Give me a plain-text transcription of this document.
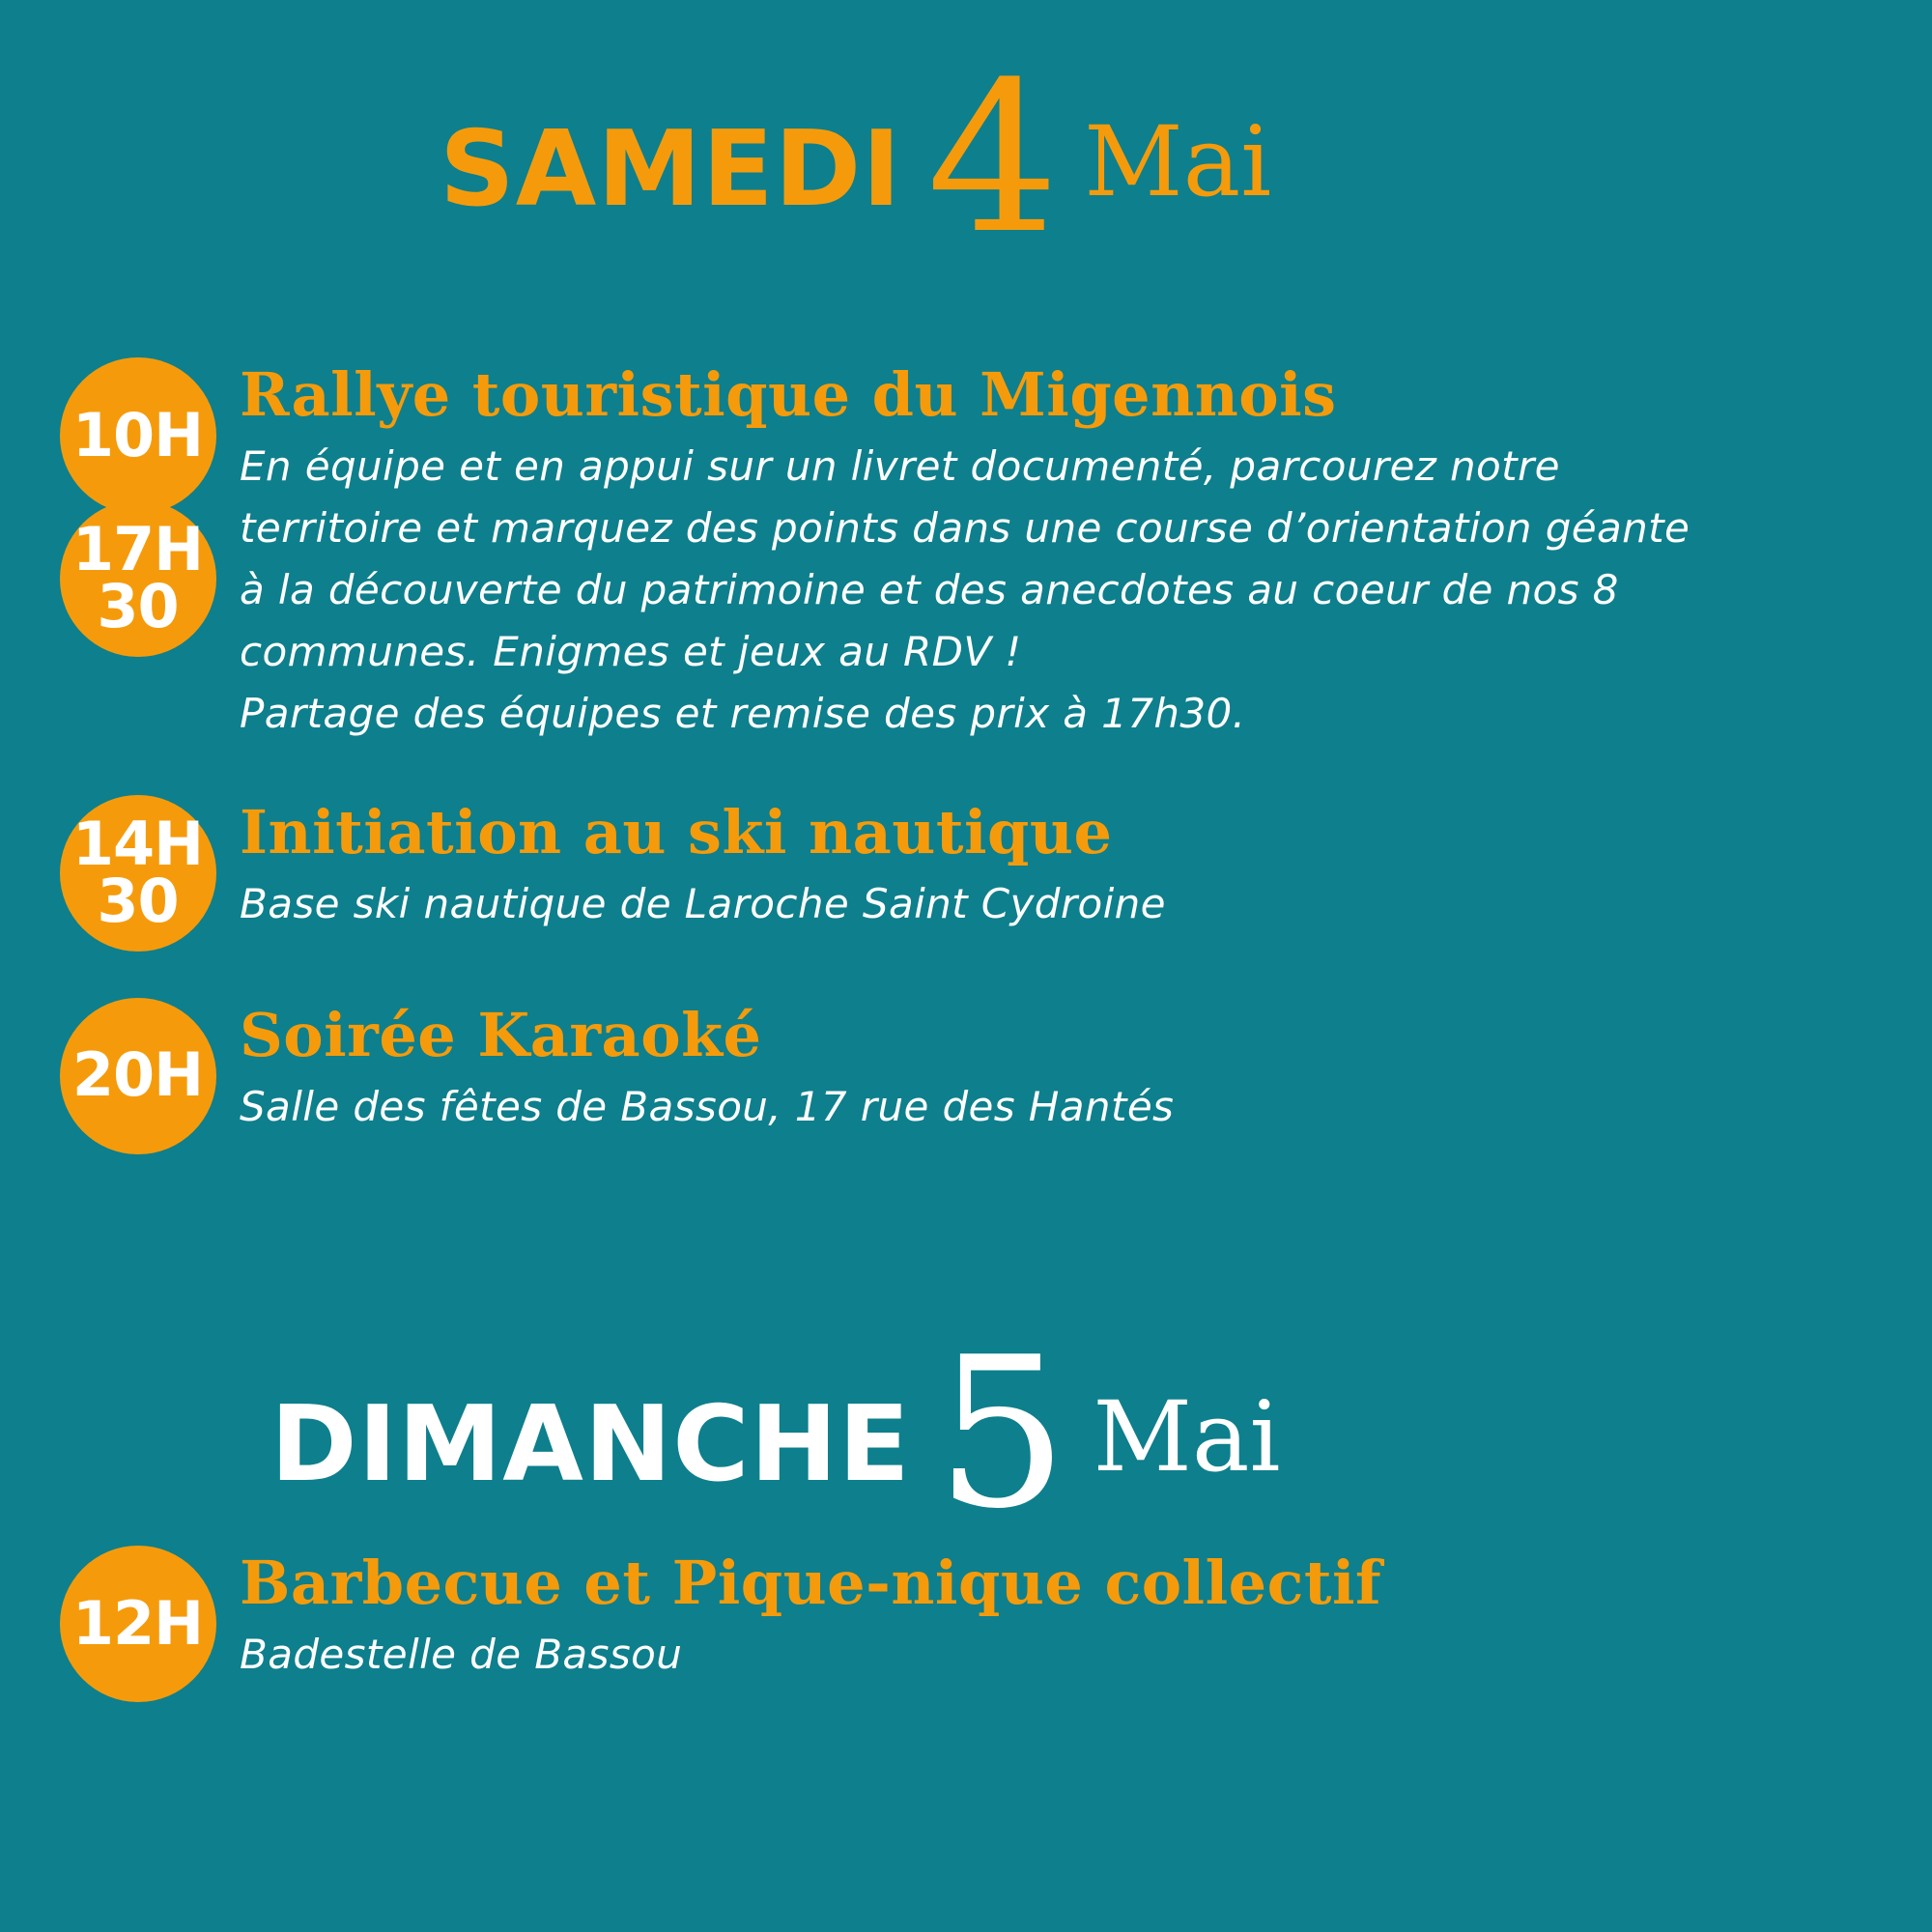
SAMEDI 4 Mai
10H
17H
30
Rallye touristique du Migennois

En équipe et en appui sur un livret documenté, parcourez notre
territoire et marquez des points dans une course d’orientation géante
à la découverte du patrimoine et des anecdotes au coeur de nos 8
communes. Enigmes et jeux au RDV !
Partage des équipes et remise des prix à 17h30.

14H
30
Initiation au ski nautique

Base ski nautique de Laroche Saint Cydroine

20H
Soirée Karaoké

Salle des fêtes de Bassou, 17 rue des Hantés

DIMANCHE 5 Mai
12H
Barbecue et Pique-nique collectif

Badestelle de Bassou
